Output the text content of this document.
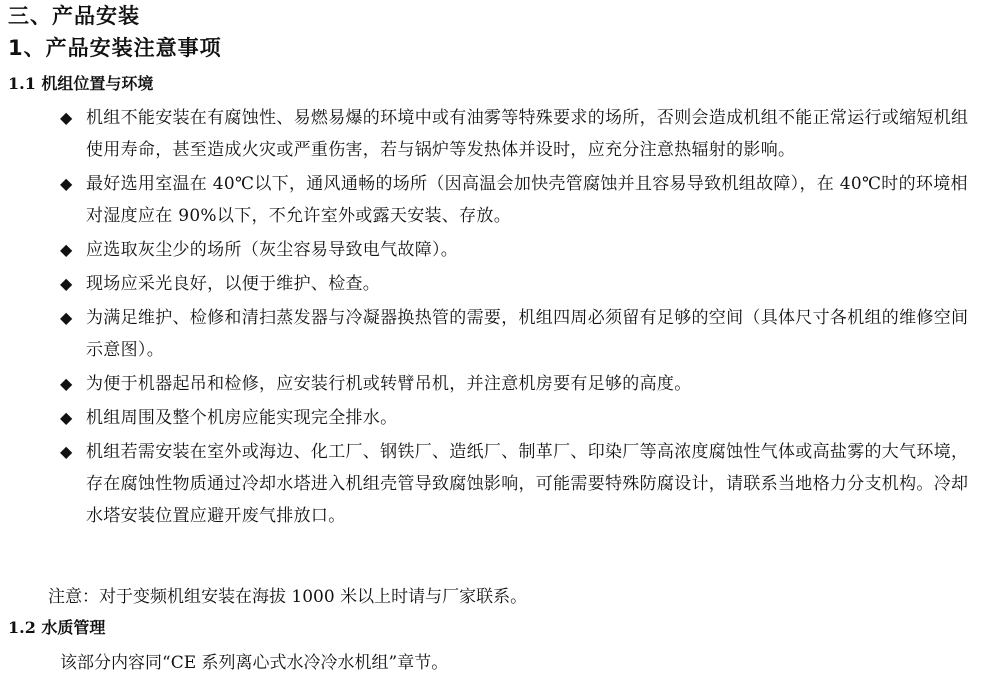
三、产品安装
1、产品安装注意事项
1.1 机组位置与环境
◆ 机组不能安装在有腐蚀性、易燃易爆的环境中或有油雾等特殊要求的场所，否则会造成机组不能正常运行或缩短机组使用寿命，甚至造成火灾或严重伤害，若与锅炉等发热体并设时，应充分注意热辐射的影响。
◆ 最好选用室温在 40℃以下，通风通畅的场所（因高温会加快壳管腐蚀并且容易导致机组故障），在 40℃时的环境相对湿度应在 90%以下，不允许室外或露天安装、存放。
◆ 应选取灰尘少的场所（灰尘容易导致电气故障）。
◆ 现场应采光良好，以便于维护、检查。
◆ 为满足维护、检修和清扫蒸发器与冷凝器换热管的需要，机组四周必须留有足够的空间（具体尺寸各机组的维修空间示意图）。
◆ 为便于机器起吊和检修，应安装行机或转臂吊机，并注意机房要有足够的高度。
◆ 机组周围及整个机房应能实现完全排水。
◆ 机组若需安装在室外或海边、化工厂、钢铁厂、造纸厂、制革厂、印染厂等高浓度腐蚀性气体或高盐雾的大气环境，存在腐蚀性物质通过冷却水塔进入机组壳管导致腐蚀影响，可能需要特殊防腐设计，请联系当地格力分支机构。冷却水塔安装位置应避开废气排放口。

注意：对于变频机组安装在海拔 1000 米以上时请与厂家联系。

1.2 水质管理

该部分内容同“CE 系列离心式水冷冷水机组”章节。
